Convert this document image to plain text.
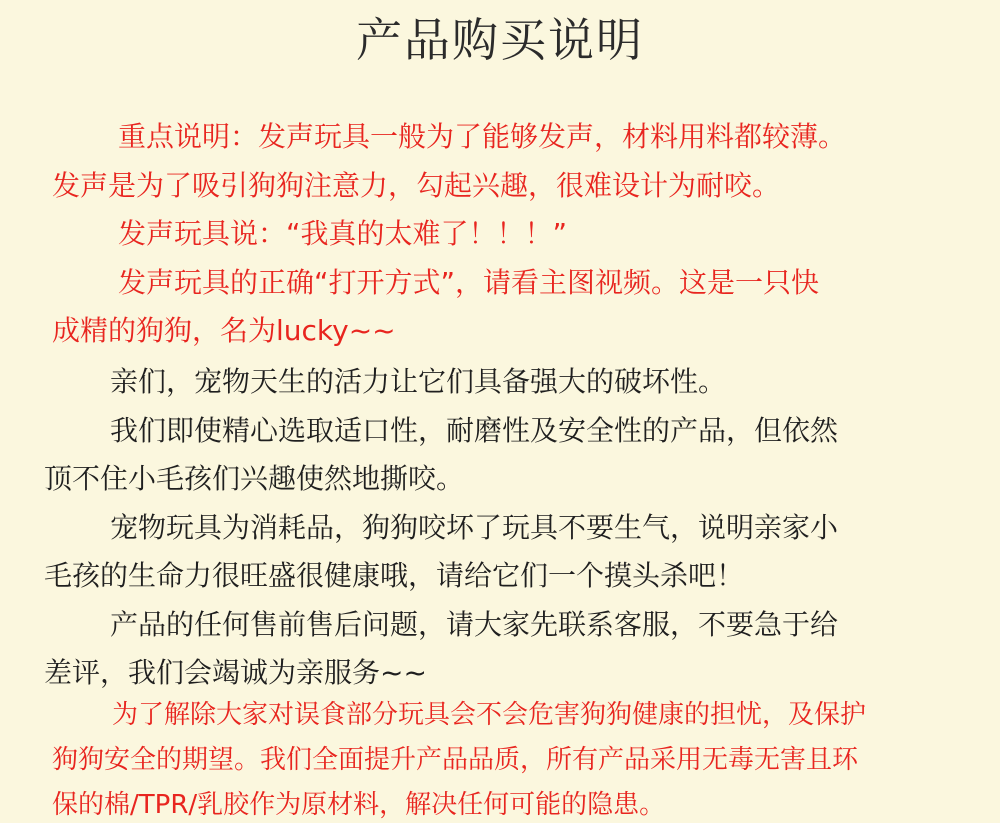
产品购买说明

重点说明：发声玩具一般为了能够发声，材料用料都较薄。

发声是为了吸引狗狗注意力，勾起兴趣，很难设计为耐咬。

发声玩具说：“我真的太难了！！！”

发声玩具的正确“打开方式”，请看主图视频。这是一只快

成精的狗狗，名为lucky~~

亲们，宠物天生的活力让它们具备强大的破坏性。

我们即使精心选取适口性，耐磨性及安全性的产品，但依然

顶不住小毛孩们兴趣使然地撕咬。

宠物玩具为消耗品，狗狗咬坏了玩具不要生气，说明亲家小

毛孩的生命力很旺盛很健康哦，请给它们一个摸头杀吧！

产品的任何售前售后问题，请大家先联系客服，不要急于给

差评，我们会竭诚为亲服务~~

为了解除大家对误食部分玩具会不会危害狗狗健康的担忧，及保护

狗狗安全的期望。我们全面提升产品品质，所有产品采用无毒无害且环

保的棉/TPR/乳胶作为原材料，解决任何可能的隐患。
